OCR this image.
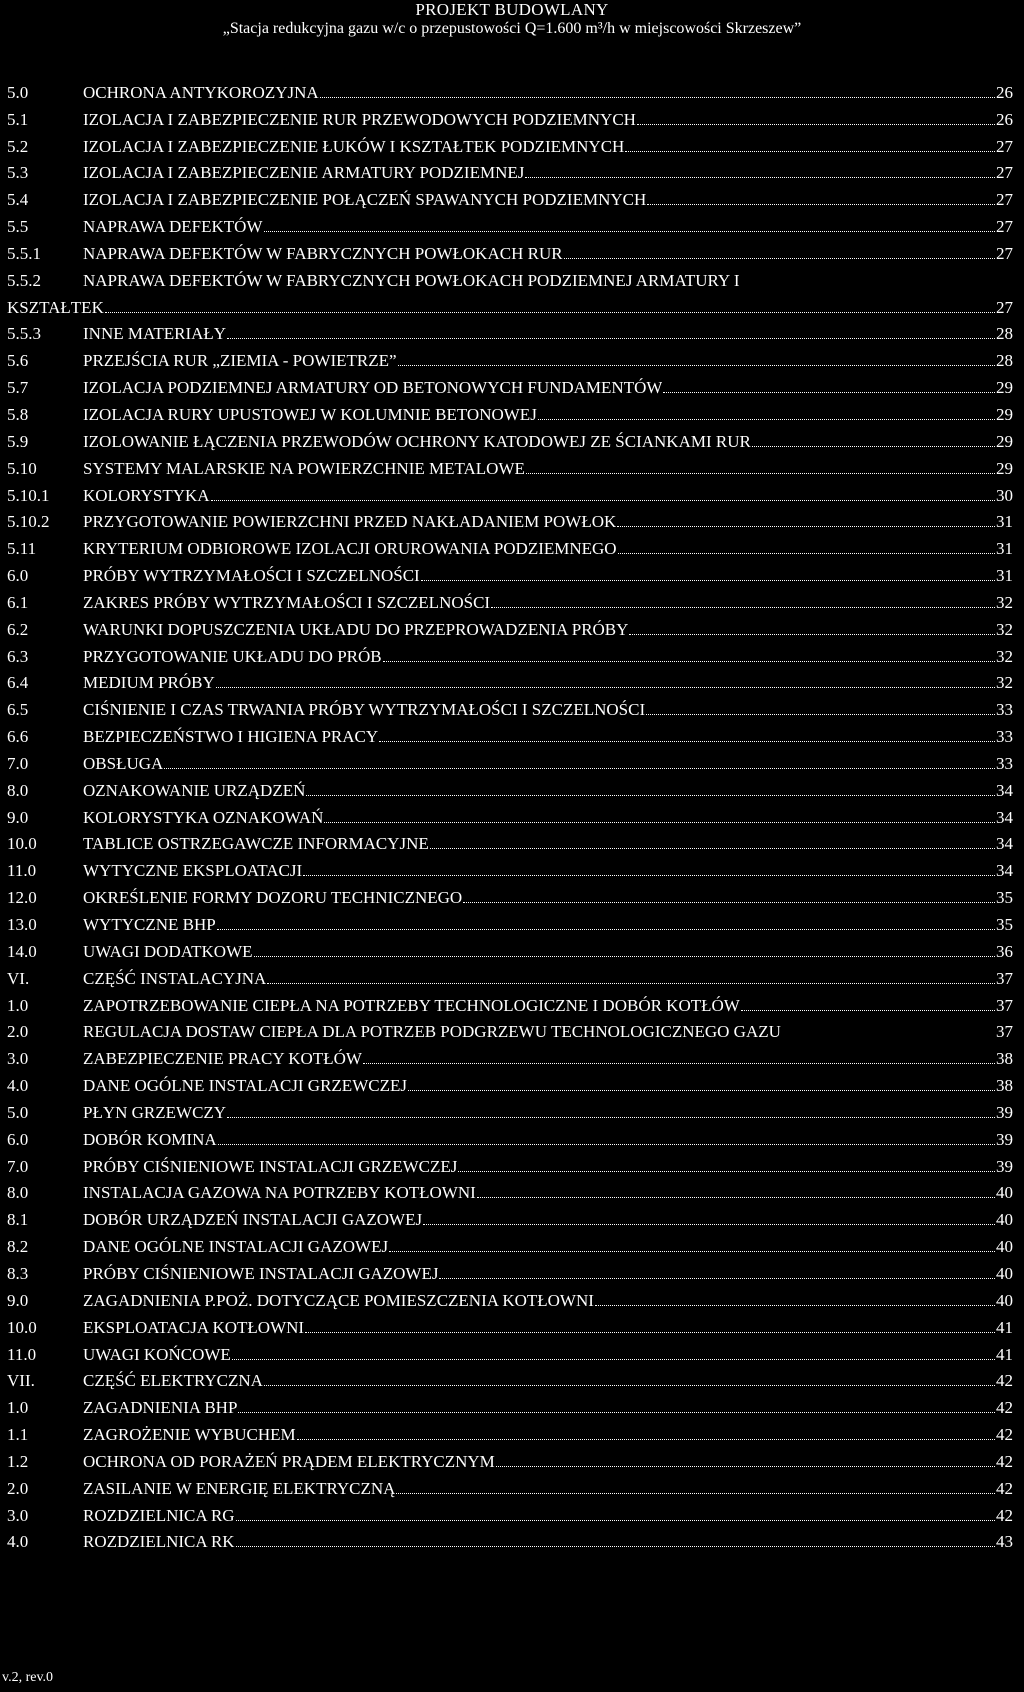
PROJEKT BUDOWLANY
„Stacja redukcyjna gazu w/c o przepustowości Q=1.600 m³/h w miejscowości Skrzeszew”
5.0	OCHRONA ANTYKOROZYJNA	26
5.1	IZOLACJA I ZABEZPIECZENIE RUR PRZEWODOWYCH PODZIEMNYCH	26
5.2	IZOLACJA I ZABEZPIECZENIE ŁUKÓW I KSZTAŁTEK PODZIEMNYCH	27
5.3	IZOLACJA I ZABEZPIECZENIE ARMATURY PODZIEMNEJ	27
5.4	IZOLACJA I ZABEZPIECZENIE POŁĄCZEŃ SPAWANYCH PODZIEMNYCH	27
5.5	NAPRAWA DEFEKTÓW	27
5.5.1	NAPRAWA DEFEKTÓW W FABRYCZNYCH POWŁOKACH RUR	27
5.5.2	NAPRAWA DEFEKTÓW W FABRYCZNYCH POWŁOKACH PODZIEMNEJ ARMATURY I
KSZTAŁTEK	27
5.5.3	INNE MATERIAŁY	28
5.6	PRZEJŚCIA RUR „ZIEMIA - POWIETRZE”	28
5.7	IZOLACJA PODZIEMNEJ ARMATURY OD BETONOWYCH FUNDAMENTÓW	29
5.8	IZOLACJA RURY UPUSTOWEJ W KOLUMNIE BETONOWEJ	29
5.9	IZOLOWANIE ŁĄCZENIA PRZEWODÓW OCHRONY KATODOWEJ ZE ŚCIANKAMI RUR	29
5.10	SYSTEMY MALARSKIE NA POWIERZCHNIE METALOWE	29
5.10.1	KOLORYSTYKA	30
5.10.2	PRZYGOTOWANIE POWIERZCHNI PRZED NAKŁADANIEM POWŁOK	31
5.11	KRYTERIUM ODBIOROWE IZOLACJI ORUROWANIA PODZIEMNEGO	31
6.0	PRÓBY WYTRZYMAŁOŚCI I SZCZELNOŚCI	31
6.1	ZAKRES PRÓBY WYTRZYMAŁOŚCI I SZCZELNOŚCI	32
6.2	WARUNKI DOPUSZCZENIA UKŁADU DO PRZEPROWADZENIA PRÓBY	32
6.3	PRZYGOTOWANIE UKŁADU DO PRÓB	32
6.4	MEDIUM PRÓBY	32
6.5	CIŚNIENIE I CZAS TRWANIA PRÓBY WYTRZYMAŁOŚCI I SZCZELNOŚCI	33
6.6	BEZPIECZEŃSTWO I HIGIENA PRACY	33
7.0	OBSŁUGA	33
8.0	OZNAKOWANIE URZĄDZEŃ	34
9.0	KOLORYSTYKA OZNAKOWAŃ	34
10.0	TABLICE OSTRZEGAWCZE INFORMACYJNE	34
11.0	WYTYCZNE EKSPLOATACJI	34
12.0	OKREŚLENIE FORMY DOZORU TECHNICZNEGO	35
13.0	WYTYCZNE BHP	35
14.0	UWAGI DODATKOWE	36
VI.	CZĘŚĆ INSTALACYJNA	37
1.0	ZAPOTRZEBOWANIE CIEPŁA NA POTRZEBY TECHNOLOGICZNE I DOBÓR KOTŁÓW	37
2.0	REGULACJA DOSTAW CIEPŁA DLA POTRZEB PODGRZEWU TECHNOLOGICZNEGO GAZU	37
3.0	ZABEZPIECZENIE PRACY KOTŁÓW	38
4.0	DANE OGÓLNE INSTALACJI GRZEWCZEJ	38
5.0	PŁYN GRZEWCZY	39
6.0	DOBÓR KOMINA	39
7.0	PRÓBY CIŚNIENIOWE INSTALACJI GRZEWCZEJ	39
8.0	INSTALACJA GAZOWA NA POTRZEBY KOTŁOWNI	40
8.1	DOBÓR URZĄDZEŃ INSTALACJI GAZOWEJ	40
8.2	DANE OGÓLNE INSTALACJI GAZOWEJ	40
8.3	PRÓBY CIŚNIENIOWE INSTALACJI GAZOWEJ	40
9.0	ZAGADNIENIA P.POŻ. DOTYCZĄCE POMIESZCZENIA KOTŁOWNI	40
10.0	EKSPLOATACJA KOTŁOWNI	41
11.0	UWAGI KOŃCOWE	41
VII.	CZĘŚĆ ELEKTRYCZNA	42
1.0	ZAGADNIENIA BHP	42
1.1	ZAGROŻENIE WYBUCHEM	42
1.2	OCHRONA OD PORAŻEŃ PRĄDEM ELEKTRYCZNYM	42
2.0	ZASILANIE W ENERGIĘ ELEKTRYCZNĄ	42
3.0	ROZDZIELNICA RG	42
4.0	ROZDZIELNICA RK	43
v.2, rev.0
